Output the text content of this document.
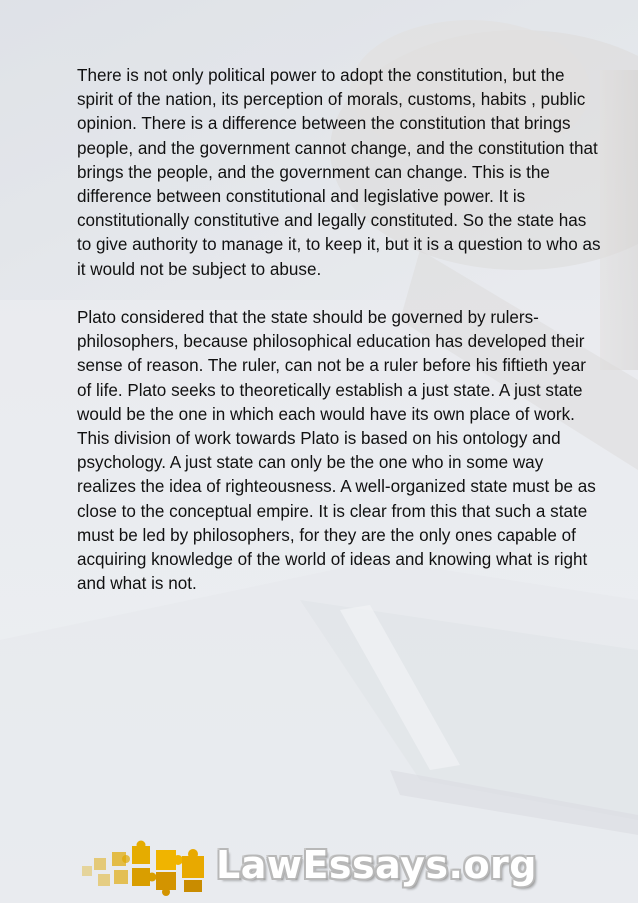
There is not only political power to adopt the constitution, but the spirit of the nation, its perception of morals, customs, habits , public opinion. There is a difference between the constitution that brings people, and the government cannot change, and the constitution that brings the people, and the government can change. This is the difference between constitutional and legislative power. It is constitutionally constitutive and legally constituted. So the state has to give authority to manage it, to keep it, but it is a question to who as it would not be subject to abuse.

Plato considered that the state should be governed by rulers-philosophers, because philosophical education has developed their sense of reason. The ruler, can not be a ruler before his fiftieth year of life. Plato seeks to theoretically establish a just state. A just state would be the one in which each would have its own place of work. This division of work towards Plato is based on his ontology and psychology. A just state can only be the one who in some way realizes the idea of righteousness. A well-organized state must be as close to the conceptual empire. It is clear from this that such a state must be led by philosophers, for they are the only ones capable of acquiring knowledge of the world of ideas and knowing what is right and what is not.

LawEssays.org
